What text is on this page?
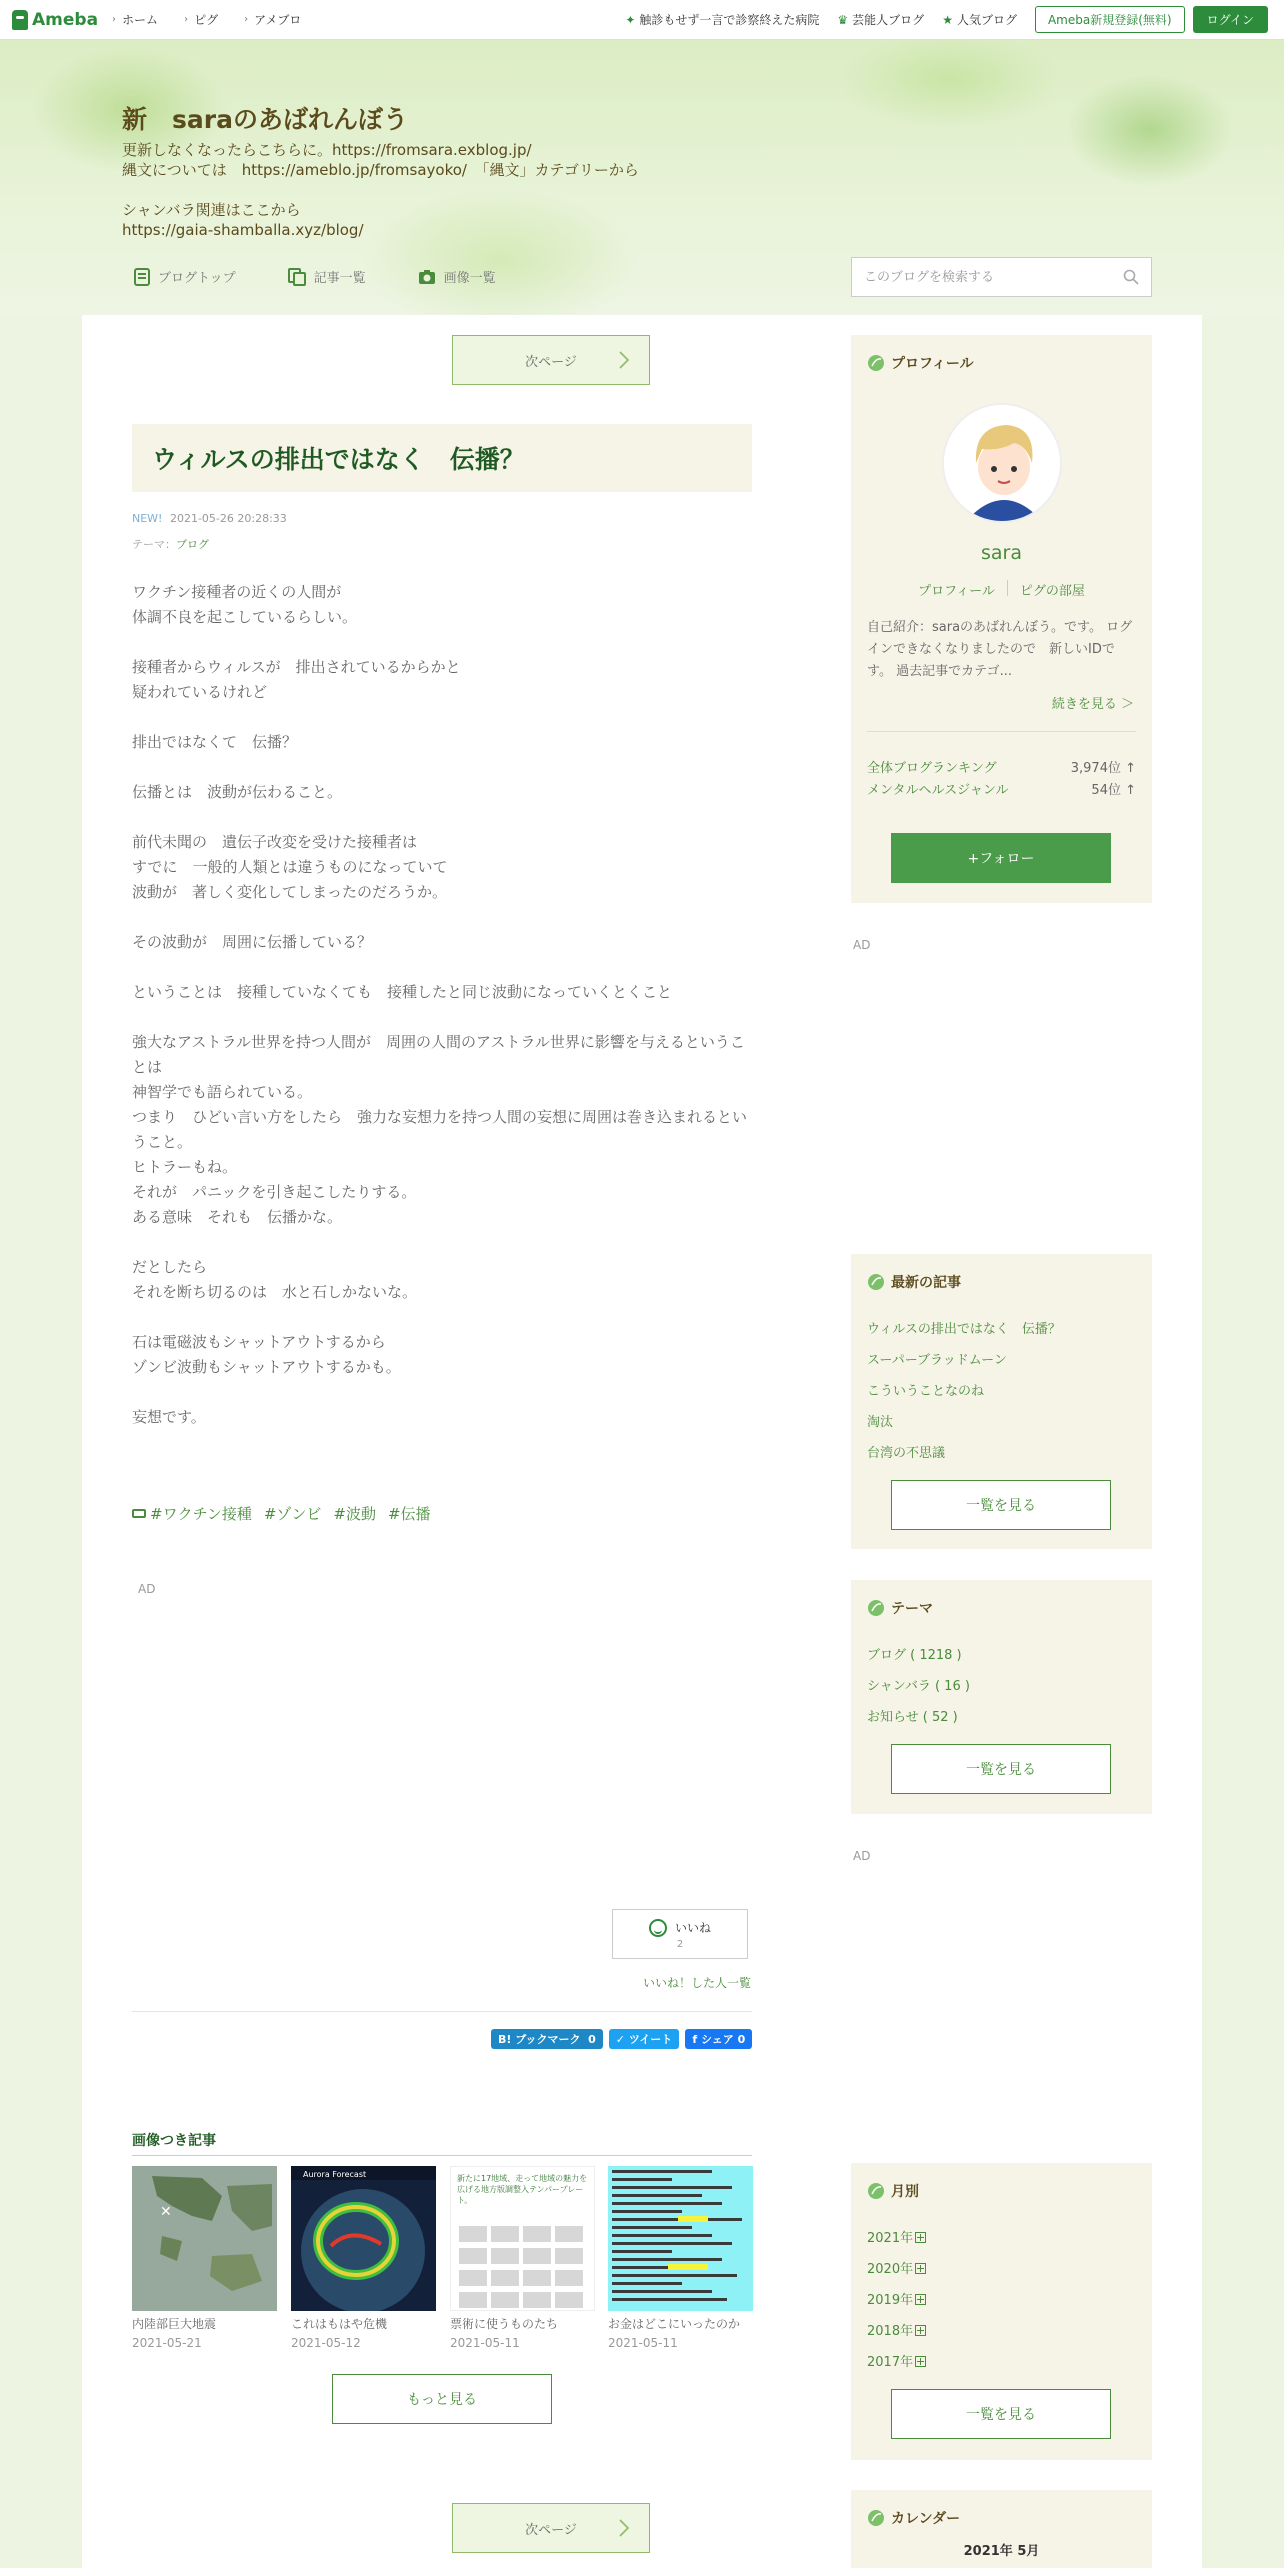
Ameba › ホーム	› ピグ	› アメブロ	✦ 触診もせず一言で診察終えた病院 ♛ 芸能人ブログ ★ 人気ブログ	Ameba新規登録(無料)	ログイン
新　saraのあばれんぼう
更新しなくなったらこちらに。https://fromsara.exblog.jp/
縄文については　https://ameblo.jp/fromsayoko/　「縄文」カテゴリーから

シャンバラ関連はここから
https://gaia-shamballa.xyz/blog/
ブログトップ	記事一覧	画像一覧
このブログを検索する
次ページ
ウィルスの排出ではなく　伝播？
NEW! 2021-05-26 20:28:33
テーマ：ブログ
ワクチン接種者の近くの人間が
体調不良を起こしているらしい。

接種者からウィルスが　排出されているからかと
疑われているけれど

排出ではなくて　伝播？

伝播とは　波動が伝わること。

前代未聞の　遺伝子改変を受けた接種者は
すでに　一般的人類とは違うものになっていて
波動が　著しく変化してしまったのだろうか。

その波動が　周囲に伝播している？

ということは　接種していなくても　接種したと同じ波動になっていくとくこと

強大なアストラル世界を持つ人間が　周囲の人間のアストラル世界に影響を与えるということは
神智学でも語られている。
つまり　ひどい言い方をしたら　強力な妄想力を持つ人間の妄想に周囲は巻き込まれるということ。
ヒトラーもね。
それが　パニックを引き起こしたりする。
ある意味　それも　伝播かな。

だとしたら
それを断ち切るのは　水と石しかないな。

石は電磁波もシャットアウトするから
ゾンビ波動もシャットアウトするかも。

妄想です。
#ワクチン接種 #ゾンビ #波動 #伝播
AD
いいね
2
いいね！した人一覧
B! ブックマーク
0 ✓
ツイート f
シェア
0
画像つき記事
✕
内陸部巨大地震
2021-05-21
Aurora Forecast
これはもはや危機
2021-05-12
新たに17地域、走って地域の魅力を広げる地方版調整入テンパープレート。
票術に使うものたち
2021-05-11
お金はどこにいったのか
2021-05-11
もっと見る
次ページ
プロフィール
sara
プロフィール ピグの部屋
自己紹介：saraのあばれんぼう。です。 ログインできなくなりましたので　新しいIDです。 過去記事でカテゴ...
続きを見る ＞
全体ブログランキング	3,974位 ↑
メンタルヘルスジャンル	54位 ↑
+フォロー
AD
最新の記事
ウィルスの排出ではなく　伝播？
スーパーブラッドムーン
こういうことなのね
淘汰
台湾の不思議
一覧を見る
テーマ
ブログ ( 1218 )
シャンバラ ( 16 )
お知らせ ( 52 )
一覧を見る
AD
月別
2021年
2020年
2019年
2018年
2017年
一覧を見る
カレンダー
2021年 5月
